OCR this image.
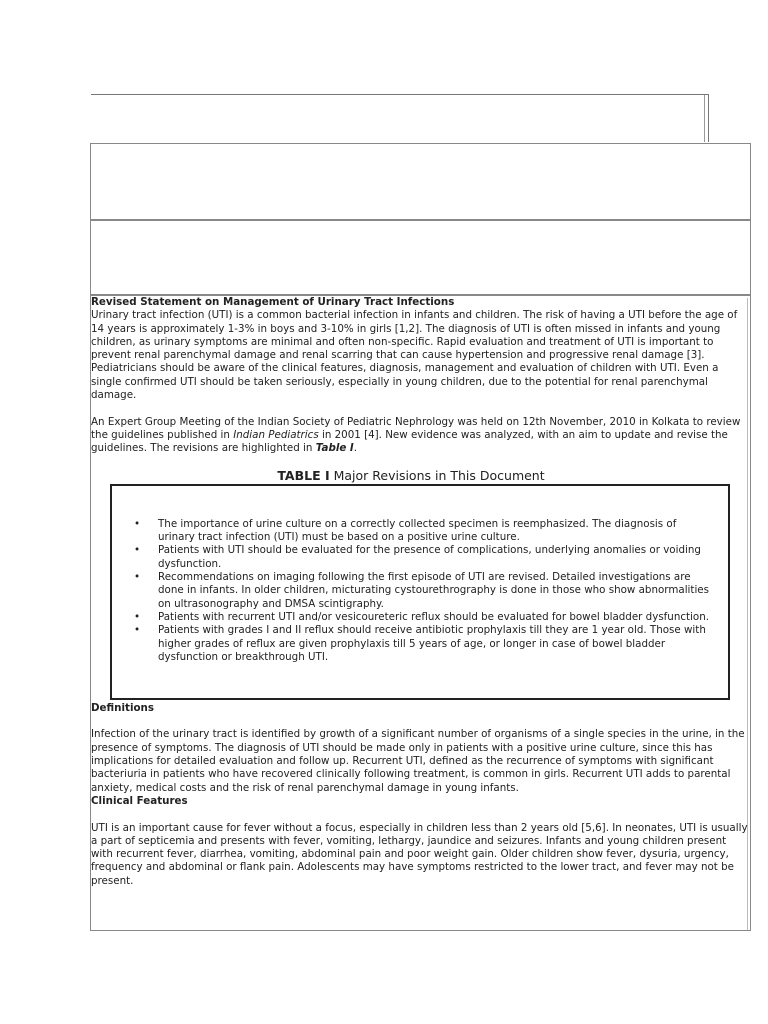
Revised Statement on Management of Urinary Tract Infections

Urinary tract infection (UTI) is a common bacterial infection in infants and children. The risk of having a UTI before the age of 14 years is approximately 1-3% in boys and 3-10% in girls [1,2]. The diagnosis of UTI is often missed in infants and young children, as urinary symptoms are minimal and often non-specific. Rapid evaluation and treatment of UTI is important to prevent renal parenchymal damage and renal scarring that can cause hypertension and progressive renal damage [3]. Pediatricians should be aware of the clinical features, diagnosis, management and evaluation of children with UTI. Even a single confirmed UTI should be taken seriously, especially in young children, due to the potential for renal parenchymal damage.

An Expert Group Meeting of the Indian Society of Pediatric Nephrology was held on 12th November, 2010 in Kolkata to review the guidelines published in Indian Pediatrics in 2001 [4]. New evidence was analyzed, with an aim to update and revise the guidelines. The revisions are highlighted in Table I.

TABLE I Major Revisions in This Document

• The importance of urine culture on a correctly collected specimen is reemphasized. The diagnosis of urinary tract infection (UTI) must be based on a positive urine culture.
• Patients with UTI should be evaluated for the presence of complications, underlying anomalies or voiding dysfunction.
• Recommendations on imaging following the first episode of UTI are revised. Detailed investigations are done in infants. In older children, micturating cystourethrography is done in those who show abnormalities on ultrasonography and DMSA scintigraphy.
• Patients with recurrent UTI and/or vesicoureteric reflux should be evaluated for bowel bladder dysfunction.
• Patients with grades I and II reflux should receive antibiotic prophylaxis till they are 1 year old. Those with higher grades of reflux are given prophylaxis till 5 years of age, or longer in case of bowel bladder dysfunction or breakthrough UTI.

Definitions

Infection of the urinary tract is identified by growth of a significant number of organisms of a single species in the urine, in the presence of symptoms. The diagnosis of UTI should be made only in patients with a positive urine culture, since this has implications for detailed evaluation and follow up. Recurrent UTI, defined as the recurrence of symptoms with significant bacteriuria in patients who have recovered clinically following treatment, is common in girls. Recurrent UTI adds to parental anxiety, medical costs and the risk of renal parenchymal damage in young infants.

Clinical Features

UTI is an important cause for fever without a focus, especially in children less than 2 years old [5,6]. In neonates, UTI is usually a part of septicemia and presents with fever, vomiting, lethargy, jaundice and seizures. Infants and young children present with recurrent fever, diarrhea, vomiting, abdominal pain and poor weight gain. Older children show fever, dysuria, urgency, frequency and abdominal or flank pain. Adolescents may have symptoms restricted to the lower tract, and fever may not be present.
